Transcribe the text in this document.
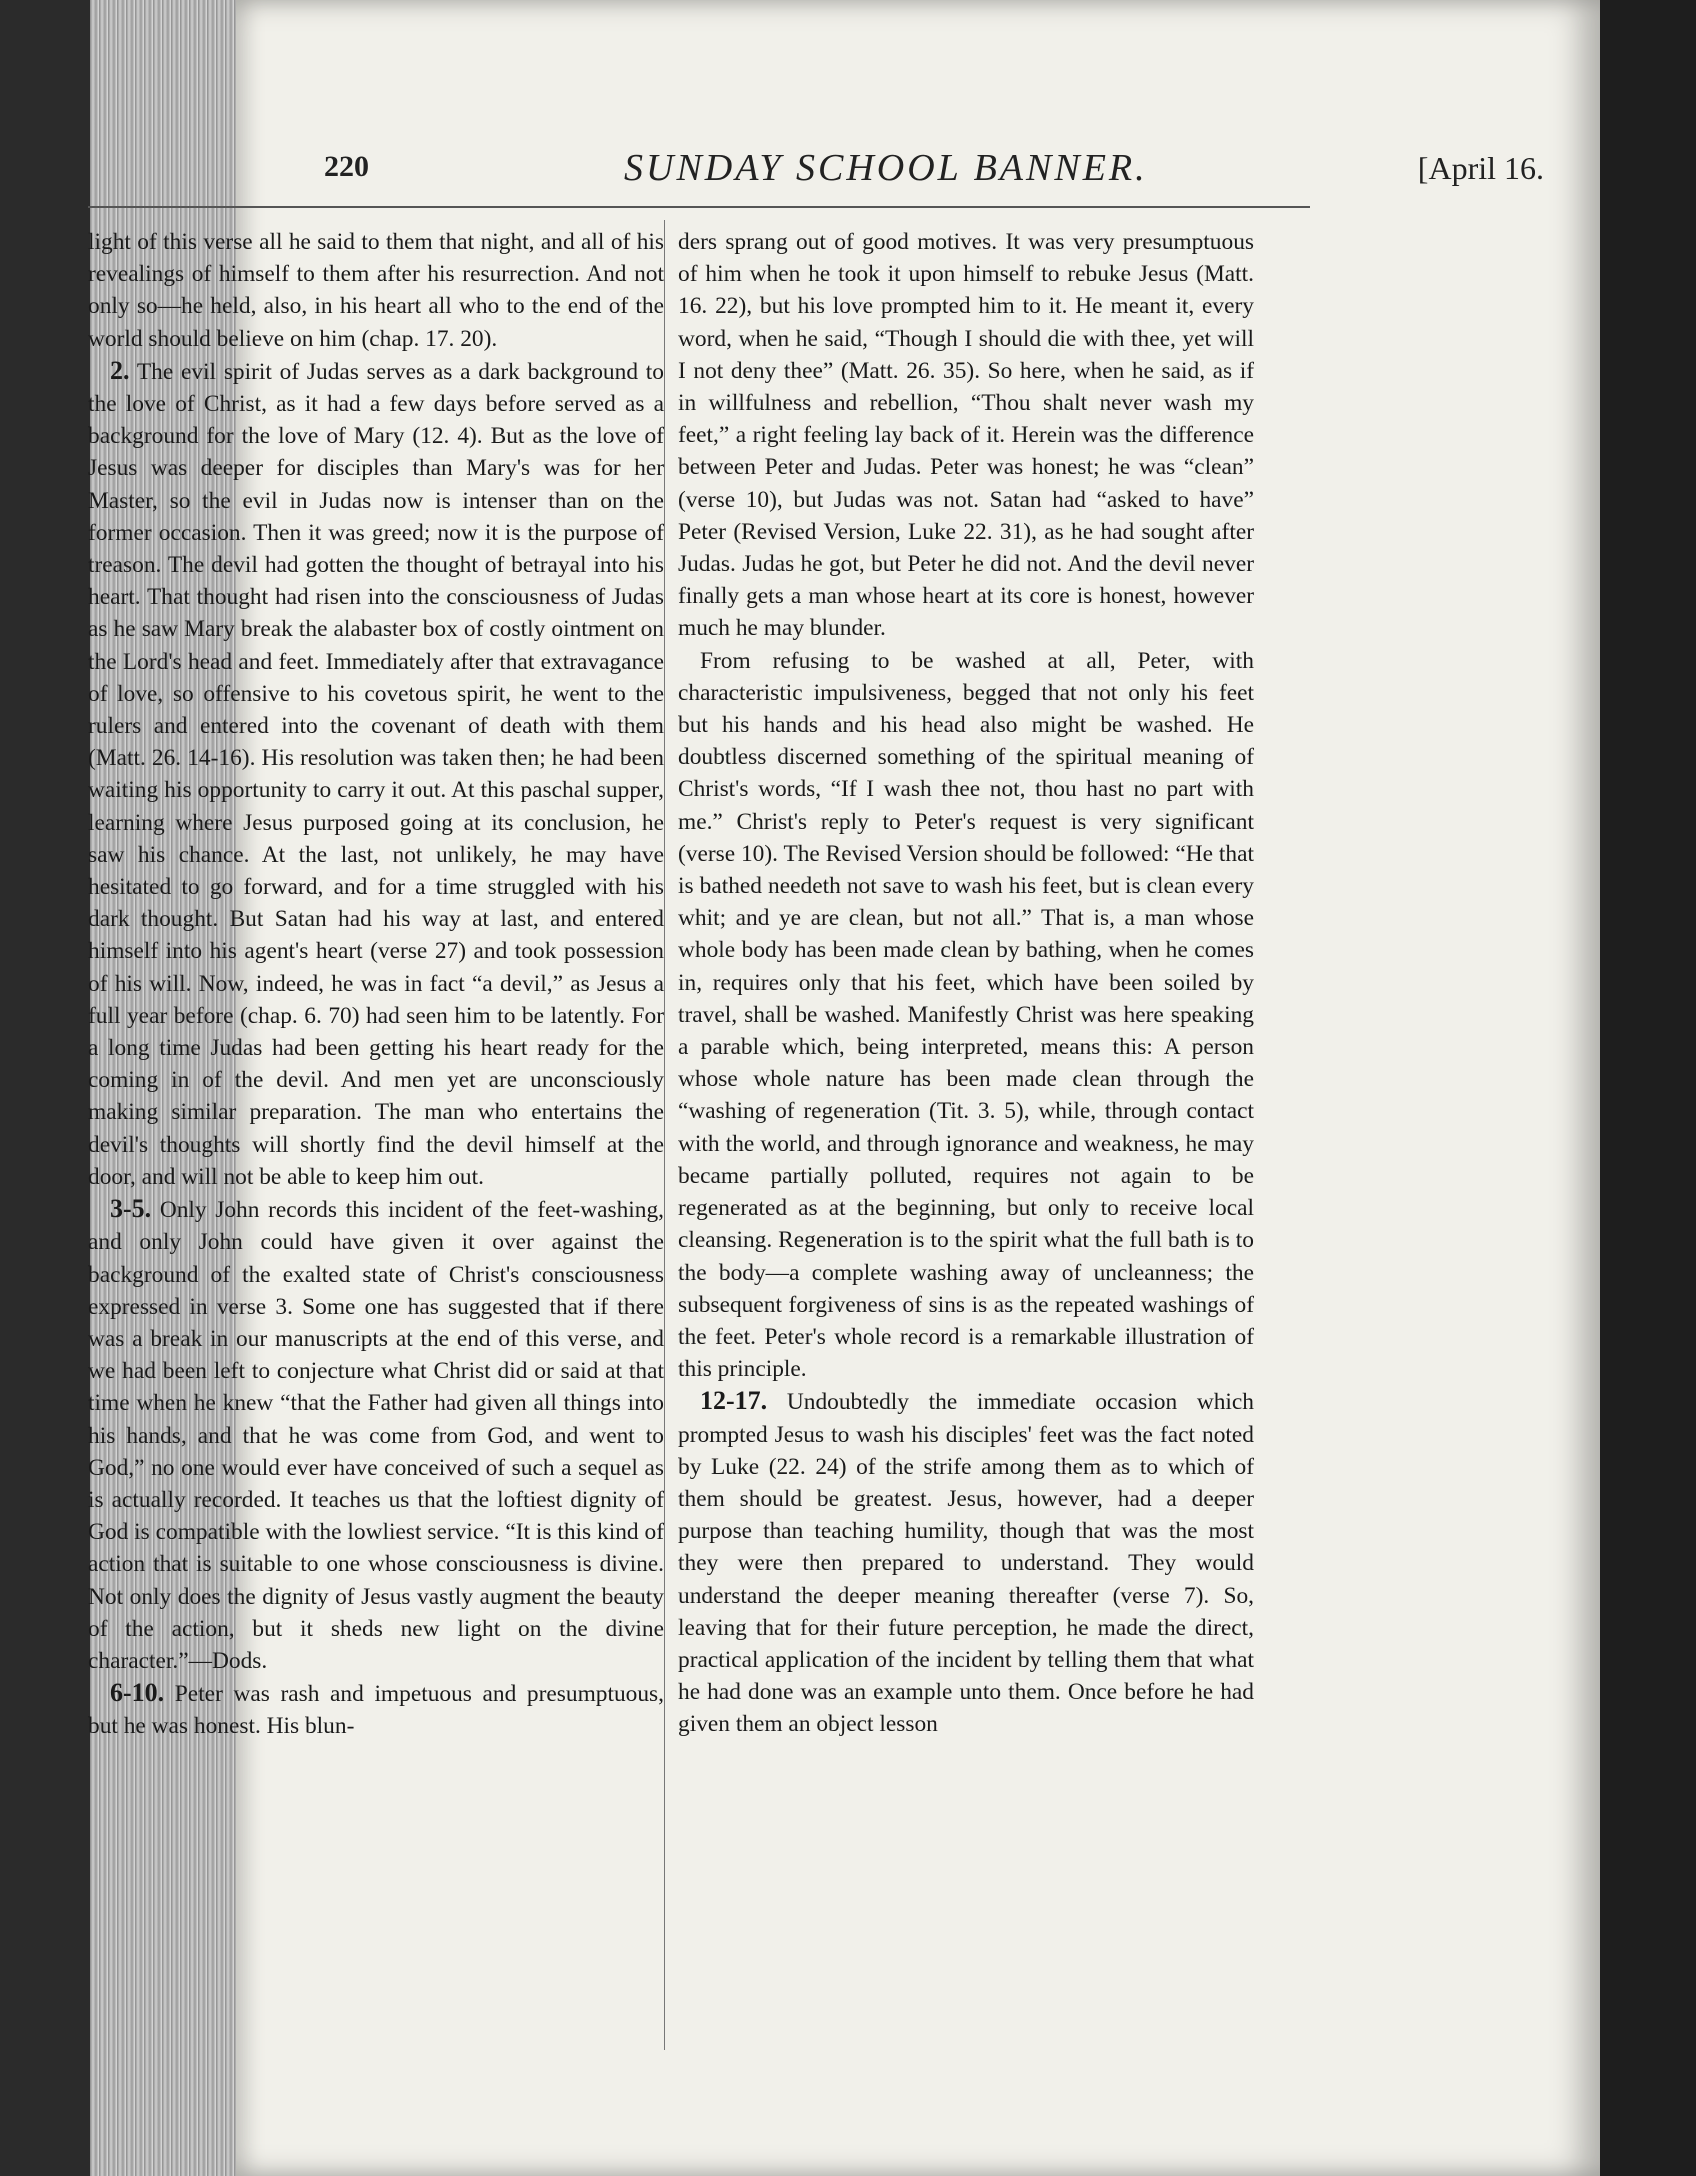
220	SUNDAY SCHOOL BANNER.	[April 16.

light of this verse all he said to them that night, and all of his revealings of himself to them after his resurrection. And not only so—he held, also, in his heart all who to the end of the world should believe on him (chap. 17. 20).

2. The evil spirit of Judas serves as a dark background to the love of Christ, as it had a few days before served as a background for the love of Mary (12. 4). But as the love of Jesus was deeper for disciples than Mary's was for her Master, so the evil in Judas now is intenser than on the former occasion. Then it was greed; now it is the purpose of treason. The devil had gotten the thought of betrayal into his heart. That thought had risen into the consciousness of Judas as he saw Mary break the alabaster box of costly ointment on the Lord's head and feet. Immediately after that extravagance of love, so offensive to his covetous spirit, he went to the rulers and entered into the covenant of death with them (Matt. 26. 14-16). His resolution was taken then; he had been waiting his opportunity to carry it out. At this paschal supper, learning where Jesus purposed going at its conclusion, he saw his chance. At the last, not unlikely, he may have hesitated to go forward, and for a time struggled with his dark thought. But Satan had his way at last, and entered himself into his agent's heart (verse 27) and took possession of his will. Now, indeed, he was in fact “a devil,” as Jesus a full year before (chap. 6. 70) had seen him to be latently. For a long time Judas had been getting his heart ready for the coming in of the devil. And men yet are unconsciously making similar preparation. The man who entertains the devil's thoughts will shortly find the devil himself at the door, and will not be able to keep him out.

3-5. Only John records this incident of the feet-washing, and only John could have given it over against the background of the exalted state of Christ's consciousness expressed in verse 3. Some one has suggested that if there was a break in our manuscripts at the end of this verse, and we had been left to conjecture what Christ did or said at that time when he knew “that the Father had given all things into his hands, and that he was come from God, and went to God,” no one would ever have conceived of such a sequel as is actually recorded. It teaches us that the loftiest dignity of God is compatible with the lowliest service. “It is this kind of action that is suitable to one whose consciousness is divine. Not only does the dignity of Jesus vastly augment the beauty of the action, but it sheds new light on the divine character.”—Dods.

6-10. Peter was rash and impetuous and presumptuous, but he was honest. His blun-

ders sprang out of good motives. It was very presumptuous of him when he took it upon himself to rebuke Jesus (Matt. 16. 22), but his love prompted him to it. He meant it, every word, when he said, “Though I should die with thee, yet will I not deny thee” (Matt. 26. 35). So here, when he said, as if in willfulness and rebellion, “Thou shalt never wash my feet,” a right feeling lay back of it. Herein was the difference between Peter and Judas. Peter was honest; he was “clean” (verse 10), but Judas was not. Satan had “asked to have” Peter (Revised Version, Luke 22. 31), as he had sought after Judas. Judas he got, but Peter he did not. And the devil never finally gets a man whose heart at its core is honest, however much he may blunder.

From refusing to be washed at all, Peter, with characteristic impulsiveness, begged that not only his feet but his hands and his head also might be washed. He doubtless discerned something of the spiritual meaning of Christ's words, “If I wash thee not, thou hast no part with me.” Christ's reply to Peter's request is very significant (verse 10). The Revised Version should be followed: “He that is bathed needeth not save to wash his feet, but is clean every whit; and ye are clean, but not all.” That is, a man whose whole body has been made clean by bathing, when he comes in, requires only that his feet, which have been soiled by travel, shall be washed. Manifestly Christ was here speaking a parable which, being interpreted, means this: A person whose whole nature has been made clean through the “washing of regeneration (Tit. 3. 5), while, through contact with the world, and through ignorance and weakness, he may became partially polluted, requires not again to be regenerated as at the beginning, but only to receive local cleansing. Regeneration is to the spirit what the full bath is to the body—a complete washing away of uncleanness; the subsequent forgiveness of sins is as the repeated washings of the feet. Peter's whole record is a remarkable illustration of this principle.

12-17. Undoubtedly the immediate occasion which prompted Jesus to wash his disciples' feet was the fact noted by Luke (22. 24) of the strife among them as to which of them should be greatest. Jesus, however, had a deeper purpose than teaching humility, though that was the most they were then prepared to understand. They would understand the deeper meaning thereafter (verse 7). So, leaving that for their future perception, he made the direct, practical application of the incident by telling them that what he had done was an example unto them. Once before he had given them an object lesson
